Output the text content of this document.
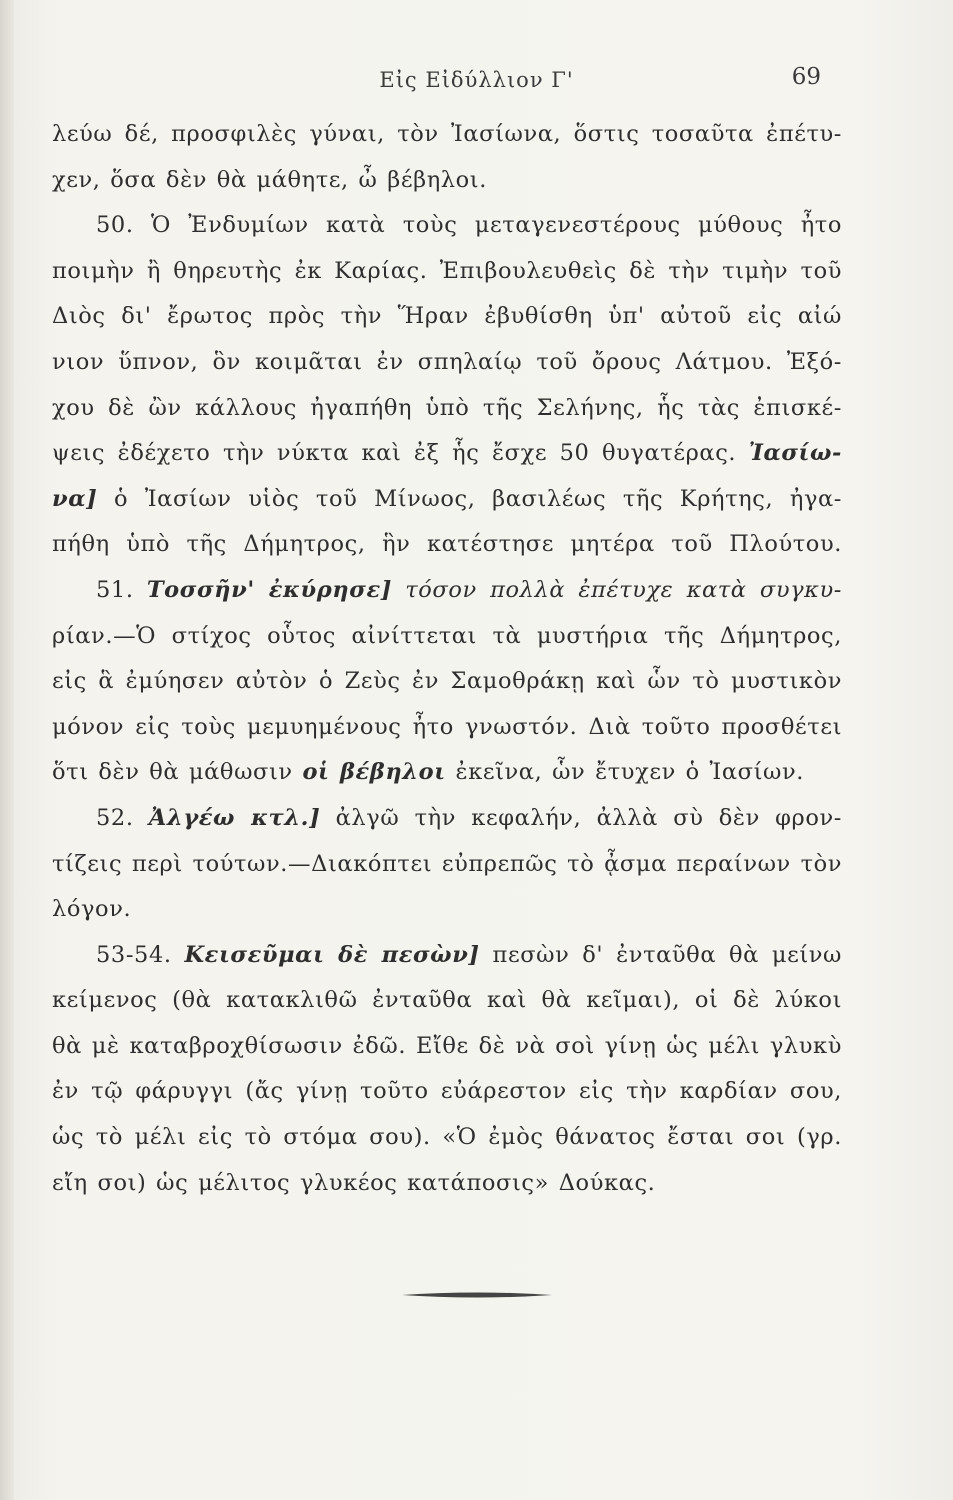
Εἰς Εἰδύλλιον Γ'	69
λεύω δέ, προσφιλὲς γύναι, τὸν Ἰασίωνα, ὅστις τοσαῦτα ἐπέτυ-
χεν, ὅσα δὲν θὰ μάθητε, ὦ βέβηλοι.
50. Ὁ Ἐνδυμίων κατὰ τοὺς μεταγενεστέρους μύθους ἦτο
ποιμὴν ἢ θηρευτὴς ἐκ Καρίας. Ἐπιβουλευθεὶς δὲ τὴν τιμὴν τοῦ
Διὸς δι' ἔρωτος πρὸς τὴν Ἥραν ἐβυθίσθη ὑπ' αὐτοῦ εἰς αἰώ
νιον ὕπνον, ὃν κοιμᾶται ἐν σπηλαίῳ τοῦ ὄρους Λάτμου. Ἐξό-
χου δὲ ὢν κάλλους ἠγαπήθη ὑπὸ τῆς Σελήνης, ἧς τὰς ἐπισκέ-
ψεις ἐδέχετο τὴν νύκτα καὶ ἐξ ἧς ἔσχε 50 θυγατέρας. Ἰασίω-
να] ὁ Ἰασίων υἱὸς τοῦ Μίνωος, βασιλέως τῆς Κρήτης, ἠγα-
πήθη ὑπὸ τῆς Δήμητρος, ἣν κατέστησε μητέρα τοῦ Πλούτου.
51. Τοσσῆν' ἐκύρησε] τόσον πολλὰ ἐπέτυχε κατὰ συγκυ-
ρίαν.—Ὁ στίχος οὗτος αἰνίττεται τὰ μυστήρια τῆς Δήμητρος,
εἰς ἃ ἐμύησεν αὐτὸν ὁ Ζεὺς ἐν Σαμοθράκῃ καὶ ὧν τὸ μυστικὸν
μόνον εἰς τοὺς μεμυημένους ἦτο γνωστόν. Διὰ τοῦτο προσθέτει
ὅτι δὲν θὰ μάθωσιν οἱ βέβηλοι ἐκεῖνα, ὧν ἔτυχεν ὁ Ἰασίων.
52. Ἀλγέω κτλ.] ἀλγῶ τὴν κεφαλήν, ἀλλὰ σὺ δὲν φρον-
τίζεις περὶ τούτων.—Διακόπτει εὐπρεπῶς τὸ ᾆσμα περαίνων τὸν
λόγον.
53-54. Κεισεῦμαι δὲ πεσὼν] πεσὼν δ' ἐνταῦθα θὰ μείνω
κείμενος (θὰ κατακλιθῶ ἐνταῦθα καὶ θὰ κεῖμαι), οἱ δὲ λύκοι
θὰ μὲ καταβροχθίσωσιν ἐδῶ. Εἴθε δὲ νὰ σοὶ γίνῃ ὡς μέλι γλυκὺ
ἐν τῷ φάρυγγι (ἄς γίνῃ τοῦτο εὐάρεστον εἰς τὴν καρδίαν σου,
ὡς τὸ μέλι εἰς τὸ στόμα σου). «Ὁ ἐμὸς θάνατος ἔσται σοι (γρ.
εἴη σοι) ὡς μέλιτος γλυκέος κατάποσις» Δούκας.
